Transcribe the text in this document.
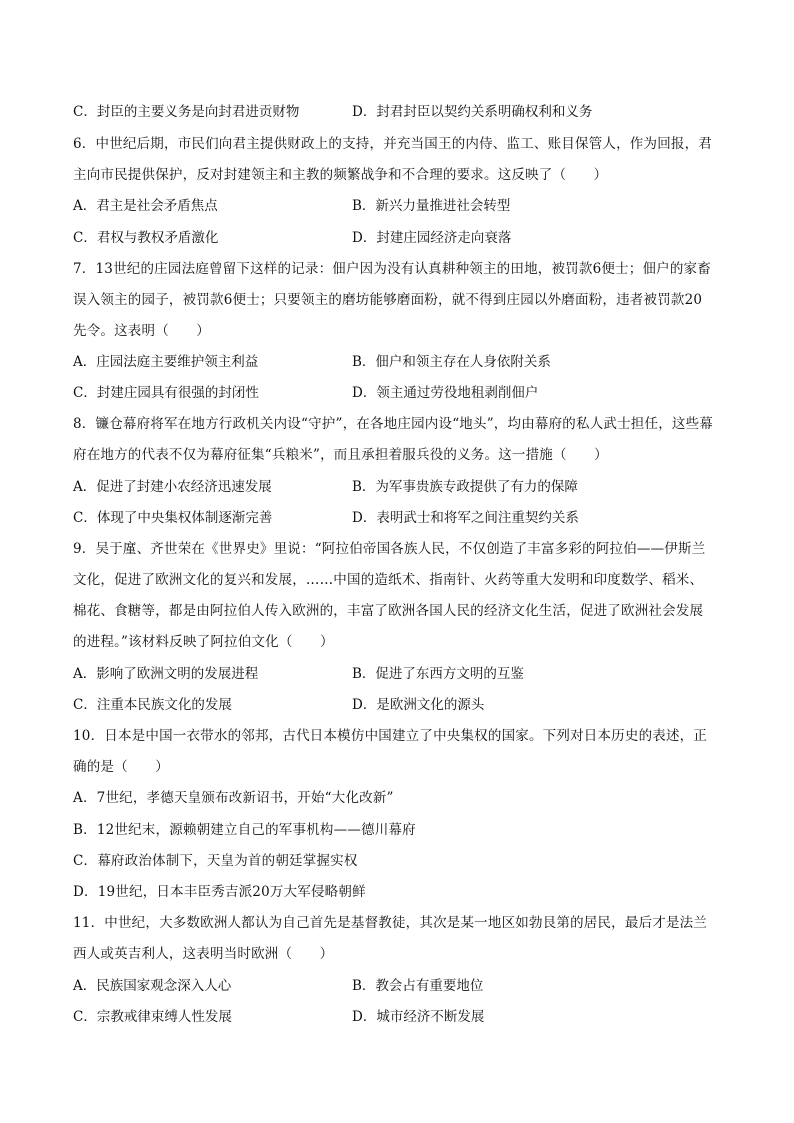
C．封臣的主要义务是向封君进贡财物	D．封君封臣以契约关系明确权利和义务
6．中世纪后期，市民们向君主提供财政上的支持，并充当国王的内侍、监工、账目保管人，作为回报，君
主向市民提供保护，反对封建领主和主教的频繁战争和不合理的要求。这反映了（　　）
A．君主是社会矛盾焦点	B．新兴力量推进社会转型
C．君权与教权矛盾激化	D．封建庄园经济走向衰落
7．13世纪的庄园法庭曾留下这样的记录：佃户因为没有认真耕种领主的田地，被罚款6便士；佃户的家畜
误入领主的园子，被罚款6便士；只要领主的磨坊能够磨面粉，就不得到庄园以外磨面粉，违者被罚款20
先令。这表明（　　）
A．庄园法庭主要维护领主利益	B．佃户和领主存在人身依附关系
C．封建庄园具有很强的封闭性	D．领主通过劳役地租剥削佃户
8．镰仓幕府将军在地方行政机关内设“守护”，在各地庄园内设“地头”，均由幕府的私人武士担任，这些幕
府在地方的代表不仅为幕府征集“兵粮米”，而且承担着服兵役的义务。这一措施（　　）
A．促进了封建小农经济迅速发展	B．为军事贵族专政提供了有力的保障
C．体现了中央集权体制逐渐完善	D．表明武士和将军之间注重契约关系
9．吴于廑、齐世荣在《世界史》里说：“阿拉伯帝国各族人民，不仅创造了丰富多彩的阿拉伯——伊斯兰
文化，促进了欧洲文化的复兴和发展，……中国的造纸术、指南针、火药等重大发明和印度数学、稻米、
棉花、食糖等，都是由阿拉伯人传入欧洲的，丰富了欧洲各国人民的经济文化生活，促进了欧洲社会发展
的进程。”该材料反映了阿拉伯文化（　　）
A．影响了欧洲文明的发展进程	B．促进了东西方文明的互鉴
C．注重本民族文化的发展	D．是欧洲文化的源头
10．日本是中国一衣带水的邻邦，古代日本模仿中国建立了中央集权的国家。下列对日本历史的表述，正
确的是（　　）
A．7世纪，孝德天皇颁布改新诏书，开始“大化改新”
B．12世纪末，源赖朝建立自己的军事机构——德川幕府
C．幕府政治体制下，天皇为首的朝廷掌握实权
D．19世纪，日本丰臣秀吉派20万大军侵略朝鲜
11．中世纪，大多数欧洲人都认为自己首先是基督教徒，其次是某一地区如勃艮第的居民，最后才是法兰
西人或英吉利人，这表明当时欧洲（　　）
A．民族国家观念深入人心	B．教会占有重要地位
C．宗教戒律束缚人性发展	D．城市经济不断发展
